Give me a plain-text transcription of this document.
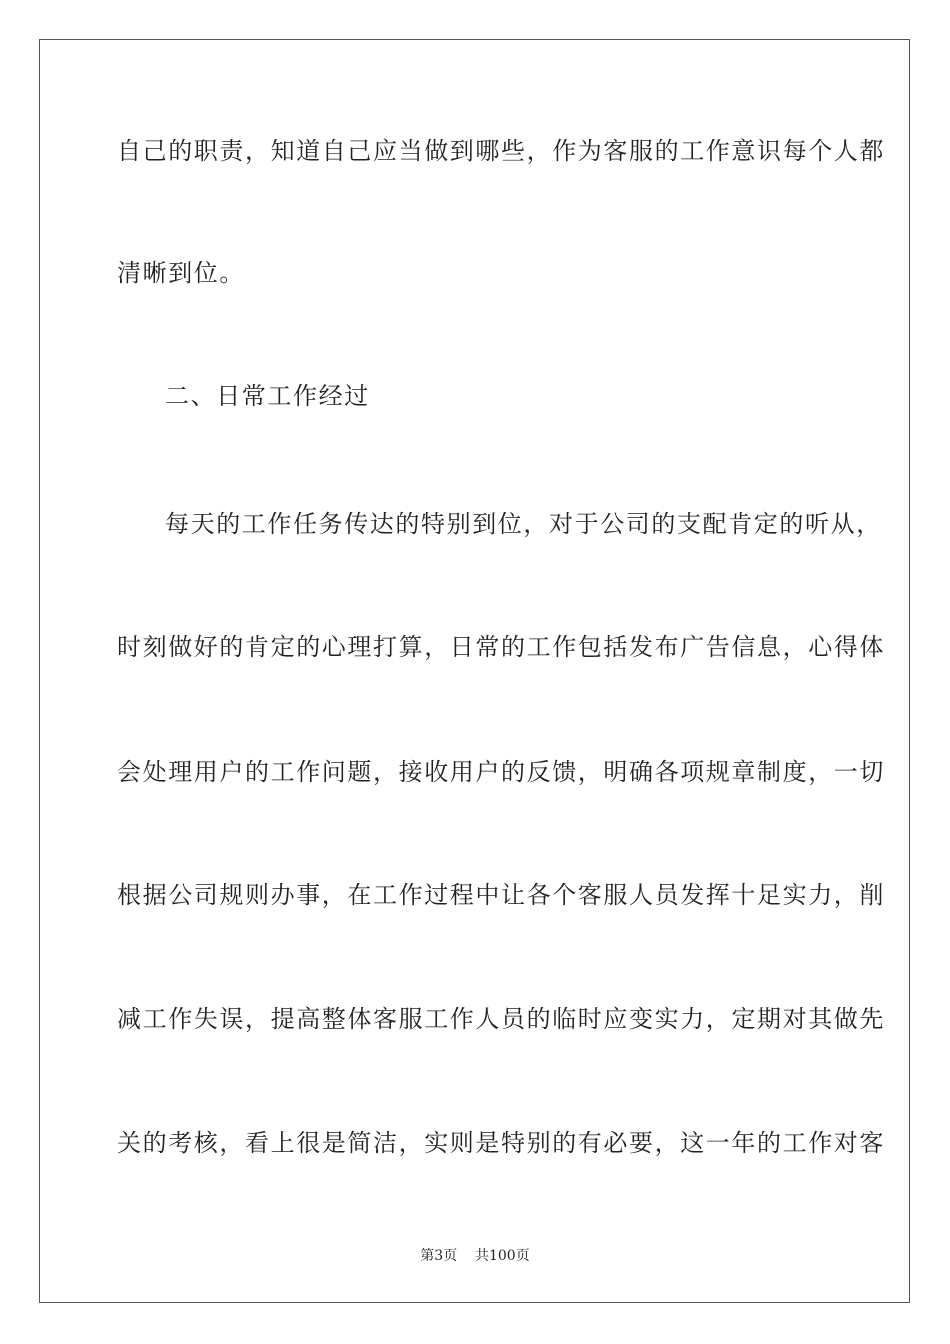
自己的职责，知道自己应当做到哪些，作为客服的工作意识每个人都
清晰到位。
二、日常工作经过
每天的工作任务传达的特别到位，对于公司的支配肯定的听从，
时刻做好的肯定的心理打算，日常的工作包括发布广告信息，心得体
会处理用户的工作问题，接收用户的反馈，明确各项规章制度，一切
根据公司规则办事，在工作过程中让各个客服人员发挥十足实力，削
减工作失误，提高整体客服工作人员的临时应变实力，定期对其做先
关的考核，看上很是简洁，实则是特别的有必要，这一年的工作对客
第3页    共100页
